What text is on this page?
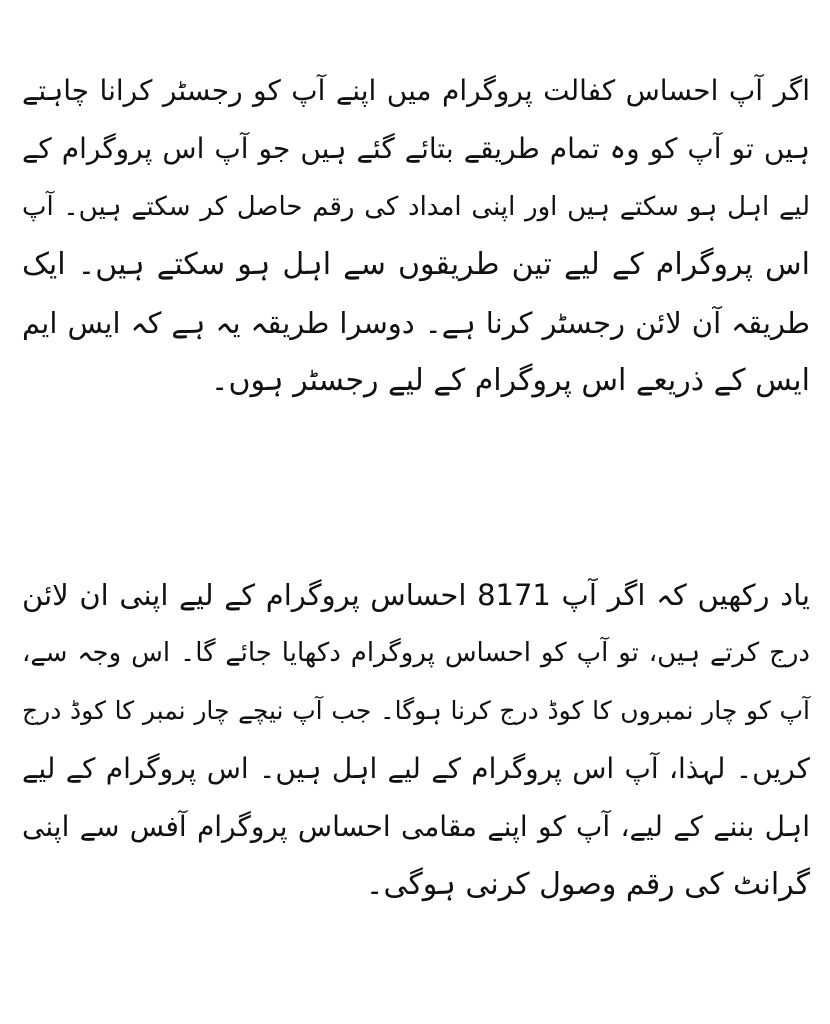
اگر آپ احساس کفالت پروگرام میں اپنے آپ کو رجسٹر کرانا چاہتے
ہیں تو آپ کو وہ تمام طریقے بتائے گئے ہیں جو آپ اس پروگرام کے
لیے اہل ہو سکتے ہیں اور اپنی امداد کی رقم حاصل کر سکتے ہیں۔ آپ
اس پروگرام کے لیے تین طریقوں سے اہل ہو سکتے ہیں۔ ایک
طریقہ آن لائن رجسٹر کرنا ہے۔ دوسرا طریقہ یہ ہے کہ ایس ایم
ایس کے ذریعے اس پروگرام کے لیے رجسٹر ہوں۔
یاد رکھیں کہ اگر آپ 8171 احساس پروگرام کے لیے اپنی ان لائن
درج کرتے ہیں، تو آپ کو احساس پروگرام دکھایا جائے گا۔ اس وجہ سے،
آپ کو چار نمبروں کا کوڈ درج کرنا ہوگا۔ جب آپ نیچے چار نمبر کا کوڈ درج
کریں۔ لہذا، آپ اس پروگرام کے لیے اہل ہیں۔ اس پروگرام کے لیے
اہل بننے کے لیے، آپ کو اپنے مقامی احساس پروگرام آفس سے اپنی
گرانٹ کی رقم وصول کرنی ہوگی۔
